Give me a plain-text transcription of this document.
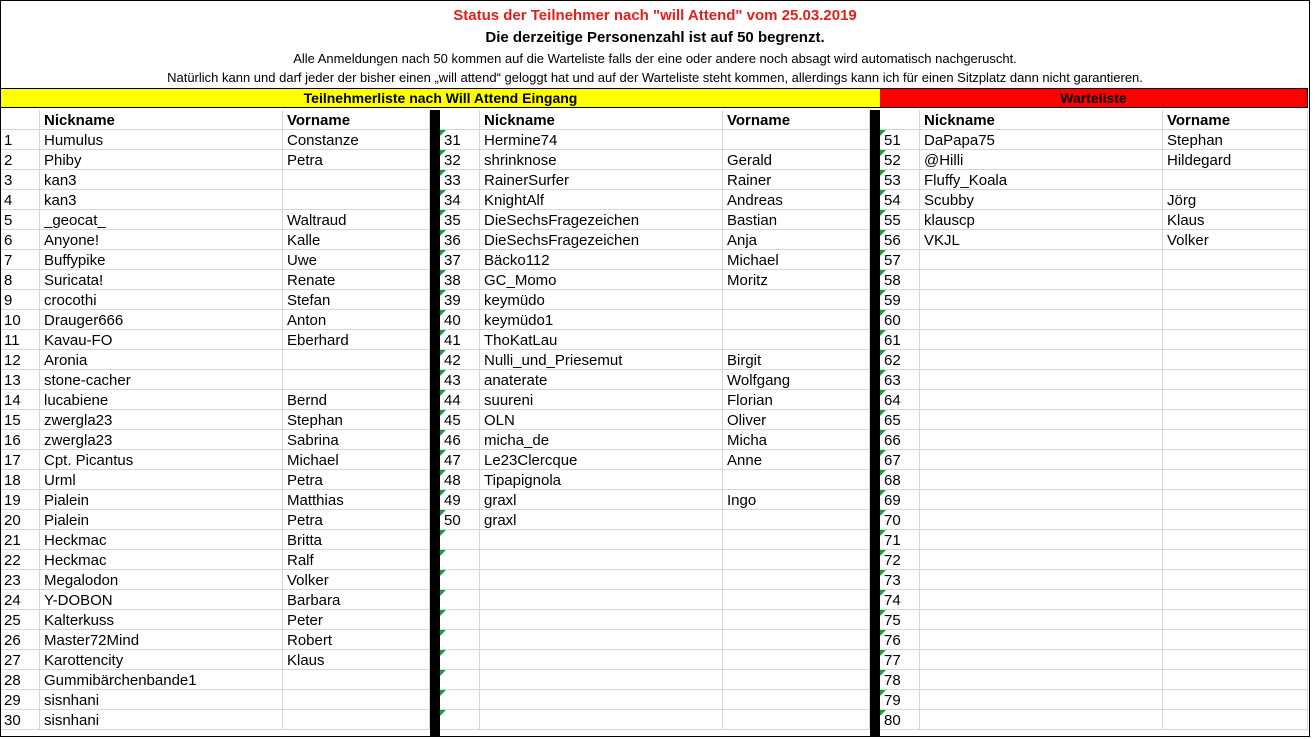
Status der Teilnehmer nach "will Attend" vom 25.03.2019
Die derzeitige Personenzahl ist auf 50 begrenzt.
Alle Anmeldungen nach 50 kommen auf die Warteliste falls der eine oder andere noch absagt wird automatisch nachgeruscht.
Natürlich kann und darf jeder der bisher einen „will attend“ geloggt hat und auf der Warteliste steht kommen, allerdings kann ich für einen Sitzplatz dann nicht garantieren.
Teilnehmerliste nach Will Attend Eingang	Warteliste
Nickname	Vorname
1	Humulus	Constanze
2	Phiby	Petra
3	kan3
4	kan3
5	_geocat_	Waltraud
6	Anyone!	Kalle
7	Buffypike	Uwe
8	Suricata!	Renate
9	crocothi	Stefan
10	Drauger666	Anton
11	Kavau-FO	Eberhard
12	Aronia
13	stone-cacher
14	lucabiene	Bernd
15	zwergla23	Stephan
16	zwergla23	Sabrina
17	Cpt. Picantus	Michael
18	Urml	Petra
19	Pialein	Matthias
20	Pialein	Petra
21	Heckmac	Britta
22	Heckmac	Ralf
23	Megalodon	Volker
24	Y-DOBON	Barbara
25	Kalterkuss	Peter
26	Master72Mind	Robert
27	Karottencity	Klaus
28	Gummibärchenbande1
29	sisnhani
30	sisnhani
Nickname	Vorname
31	Hermine74
32	shrinknose	Gerald
33	RainerSurfer	Rainer
34	KnightAlf	Andreas
35	DieSechsFragezeichen	Bastian
36	DieSechsFragezeichen	Anja
37	Bäcko112	Michael
38	GC_Momo	Moritz
39	keymüdo
40	keymüdo1
41	ThoKatLau
42	Nulli_und_Priesemut	Birgit
43	anaterate	Wolfgang
44	suureni	Florian
45	OLN	Oliver
46	micha_de	Micha
47	Le23Clercque	Anne
48	Tipapignola
49	graxl	Ingo
50	graxl
Nickname	Vorname
51	DaPapa75	Stephan
52	@Hilli	Hildegard
53	Fluffy_Koala
54	Scubby	Jörg
55	klauscp	Klaus
56	VKJL	Volker
57
58
59
60
61
62
63
64
65
66
67
68
69
70
71
72
73
74
75
76
77
78
79
80
